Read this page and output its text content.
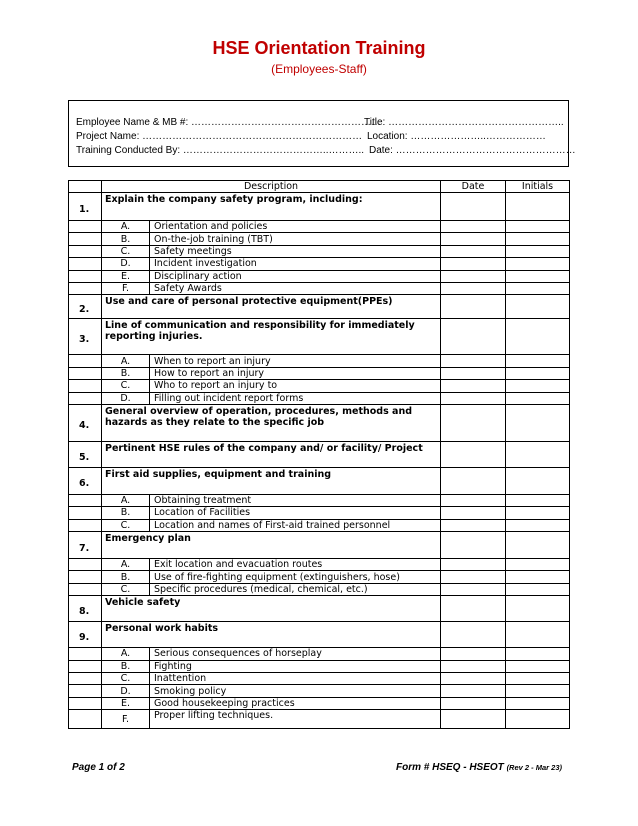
HSE Orientation Training
(Employees-Staff)
Employee Name & MB #: …………………………………………………
Project Name: …………………………………………………………
Training Conducted By: ……………………………………..………..
Title: ……………………………………………..
Location: …………………..………………
Date: ………………………………………………
	Description		Date	Initials
1.	Explain the company safety program, including:			
	A.	Orientation and policies		
	B.	On-the-job training (TBT)		
	C.	Safety meetings		
	D.	Incident investigation		
	E.	Disciplinary action		
	F.	Safety Awards		
2.	Use and care of personal protective equipment(PPEs)			
3.	Line of communication and responsibility for immediately reporting injuries.			
	A.	When to report an injury		
	B.	How to report an injury		
	C.	Who to report an injury to		
	D.	Filling out incident report forms		
4.	General overview of operation, procedures, methods and hazards as they relate to the specific job			
5.	Pertinent HSE rules of the company and/ or facility/ Project			
6.	First aid supplies, equipment and training			
	A.	Obtaining treatment		
	B.	Location of Facilities		
	C.	Location and names of First-aid trained personnel		
7.	Emergency plan			
	A.	Exit location and evacuation routes		
	B.	Use of fire-fighting equipment (extinguishers, hose)		
	C.	Specific procedures (medical, chemical, etc.)		
8.	Vehicle safety			
9.	Personal work habits			
	A.	Serious consequences of horseplay		
	B.	Fighting		
	C.	Inattention		
	D.	Smoking policy		
	E.	Good housekeeping practices		
	F.	Proper lifting techniques.		
Page 1 of 2	Form # HSEQ - HSEOT (Rev 2 - Mar 23)
